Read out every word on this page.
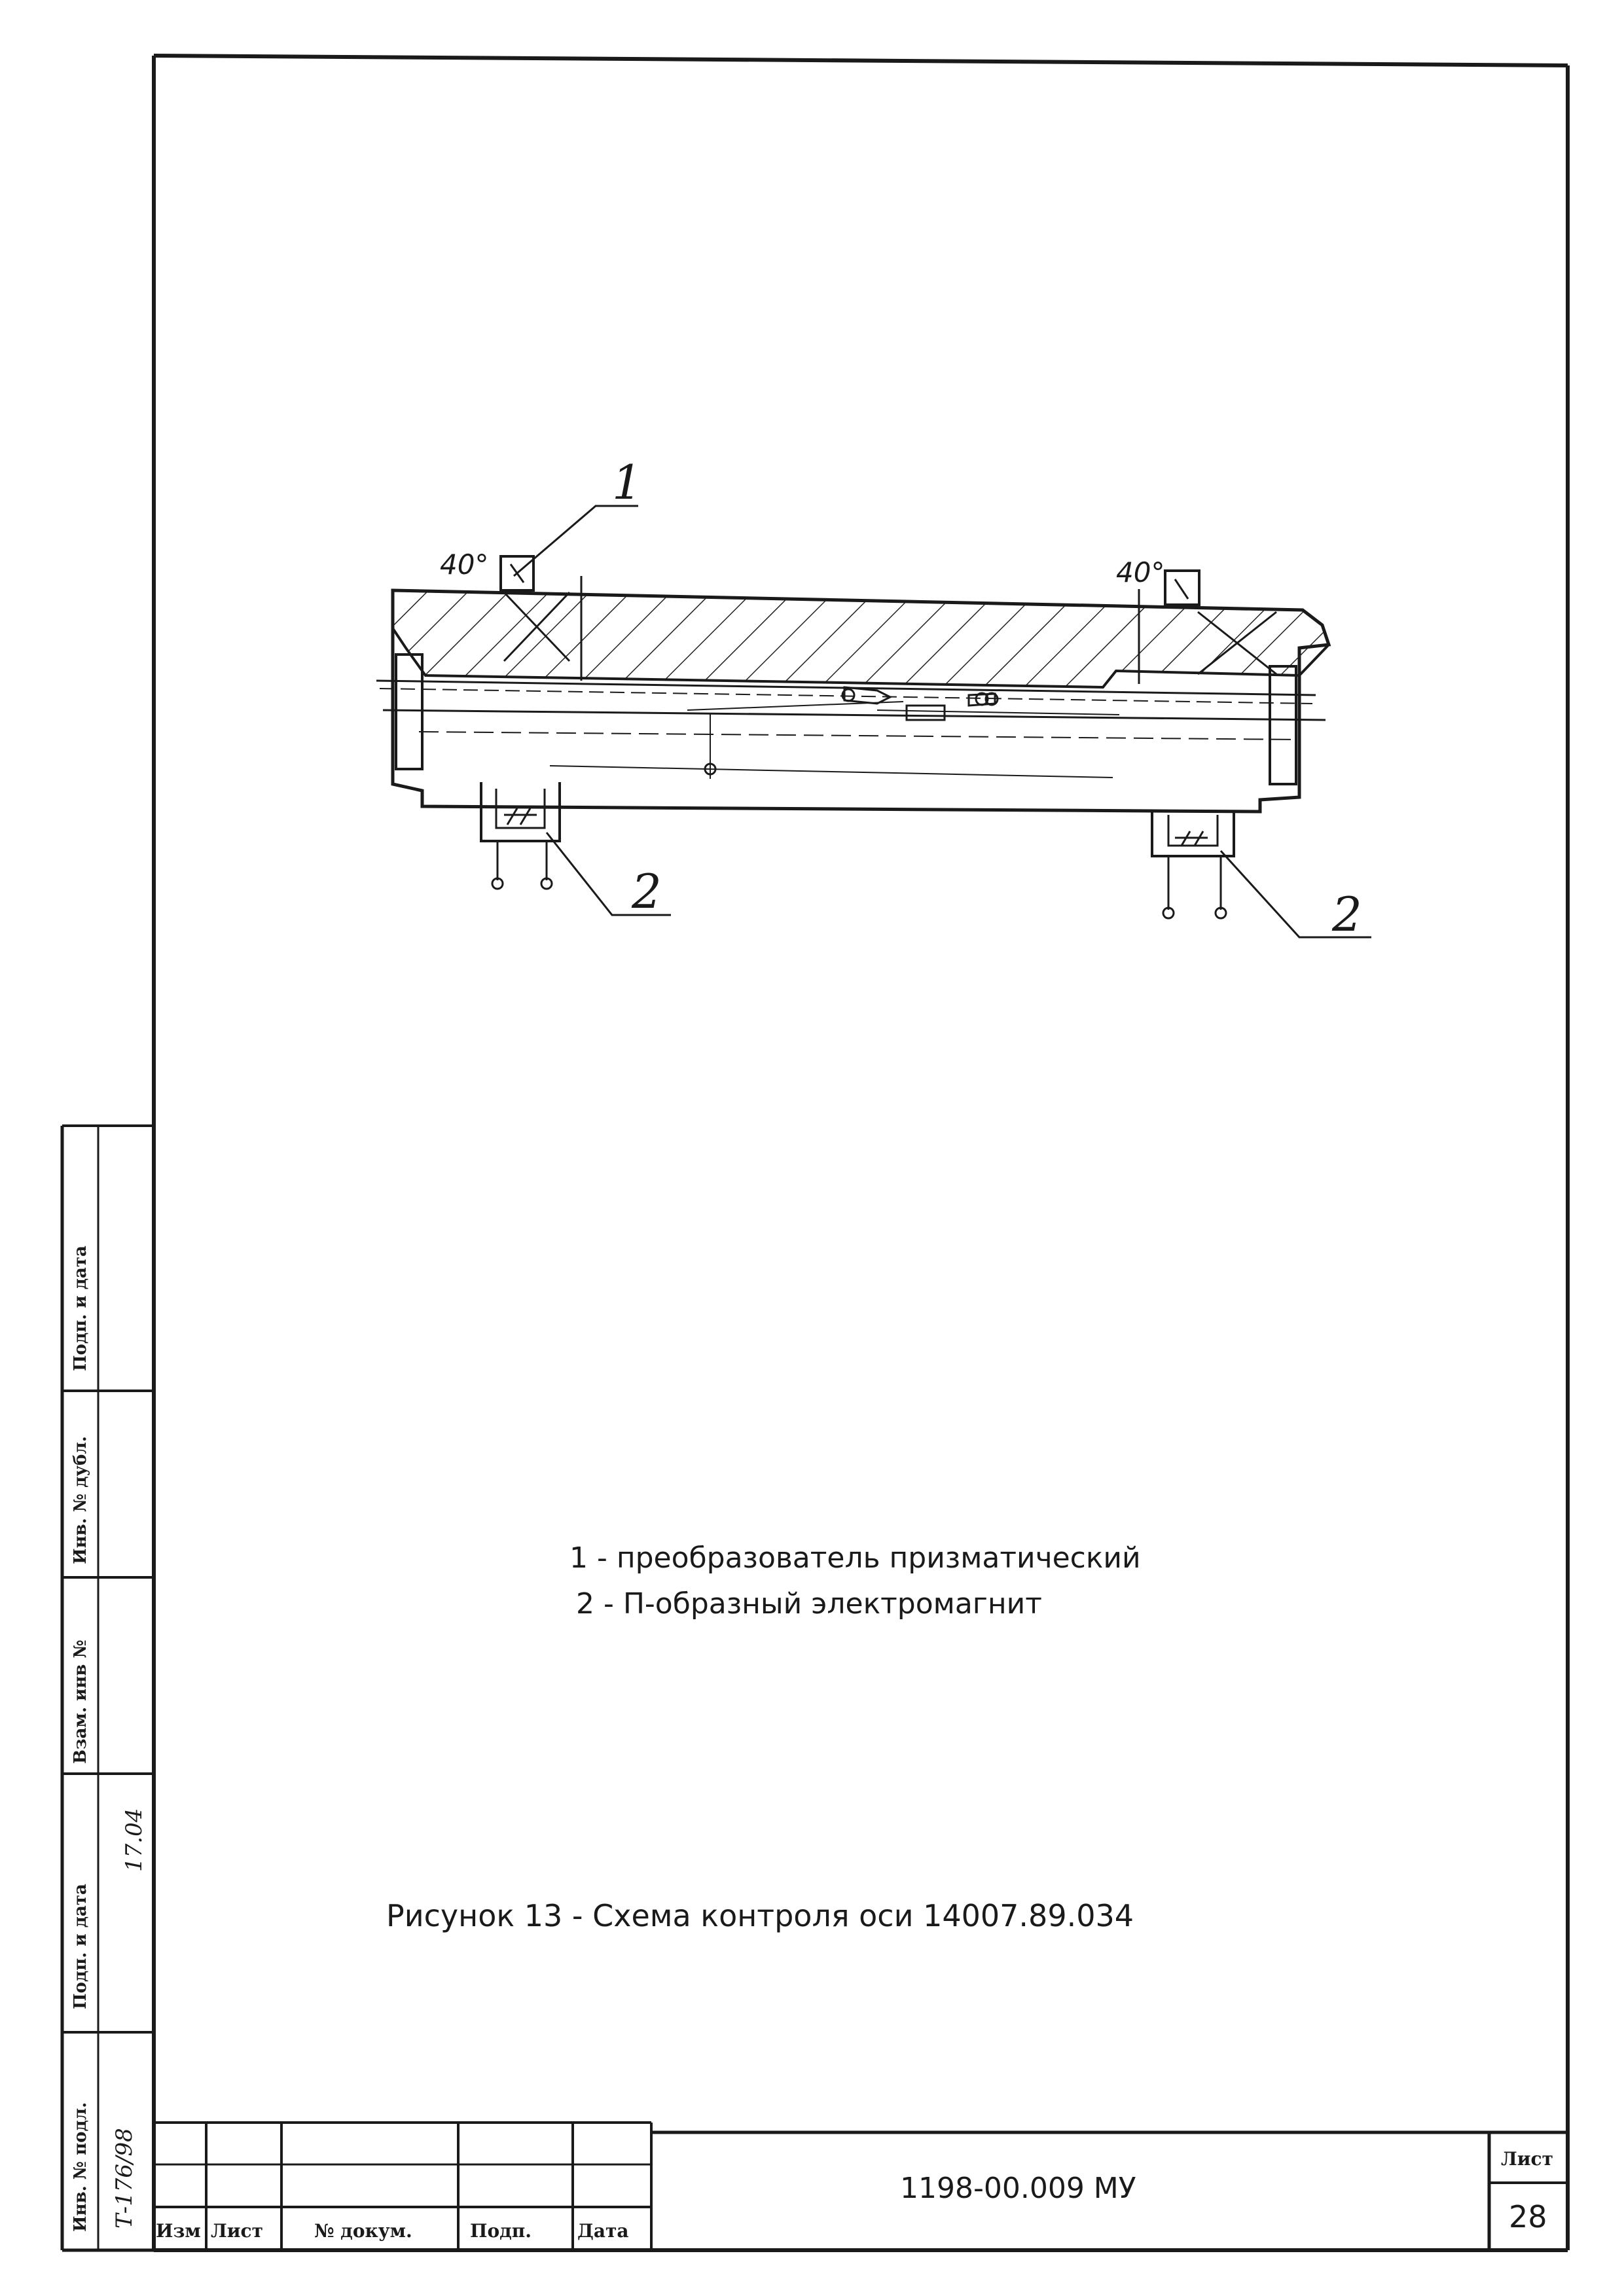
1
40°	40°
2	2
1 - преобразователь призматический
2 - П-образный электромагнит
Рисунок 13 - Схема контроля оси 14007.89.034
1198-00.009 МУ
Лист
28
Изм Лист	№ докум.	Подп. Дата
Инв. № подл.
Подп. и дата
Взам. инв №
Инв. № дубл.
Подп. и дата
Т-176/98
17.04
